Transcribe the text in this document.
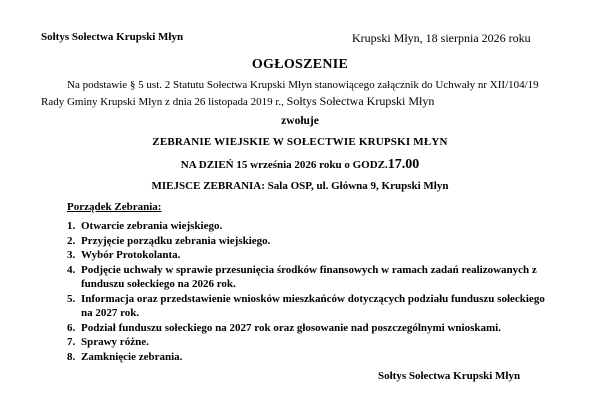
Sołtys Sołectwa Krupski Młyn	Krupski Młyn, 18 sierpnia 2026 roku
OGŁOSZENIE
Na podstawie § 5 ust. 2 Statutu Sołectwa Krupski Młyn stanowiącego załącznik do Uchwały nr XII/104/19
Rady Gminy Krupski Młyn z dnia 26 listopada 2019 r., Sołtys Sołectwa Krupski Młyn
zwołuje
ZEBRANIE WIEJSKIE W SOŁECTWIE KRUPSKI MŁYN
NA DZIEŃ 15 września 2026 roku o GODZ.17.00
MIEJSCE ZEBRANIA: Sala OSP, ul. Główna 9, Krupski Młyn
Porządek Zebrania:
1. Otwarcie zebrania wiejskiego.
2. Przyjęcie porządku zebrania wiejskiego.
3. Wybór Protokolanta.
4. Podjęcie uchwały w sprawie przesunięcia środków finansowych w ramach zadań realizowanych z
funduszu sołeckiego na 2026 rok.
5. Informacja oraz przedstawienie wniosków mieszkańców dotyczących podziału funduszu sołeckiego
na 2027 rok.
6. Podział funduszu sołeckiego na 2027 rok oraz głosowanie nad poszczególnymi wnioskami.
7. Sprawy różne.
8. Zamknięcie zebrania.
Sołtys Sołectwa Krupski Młyn
